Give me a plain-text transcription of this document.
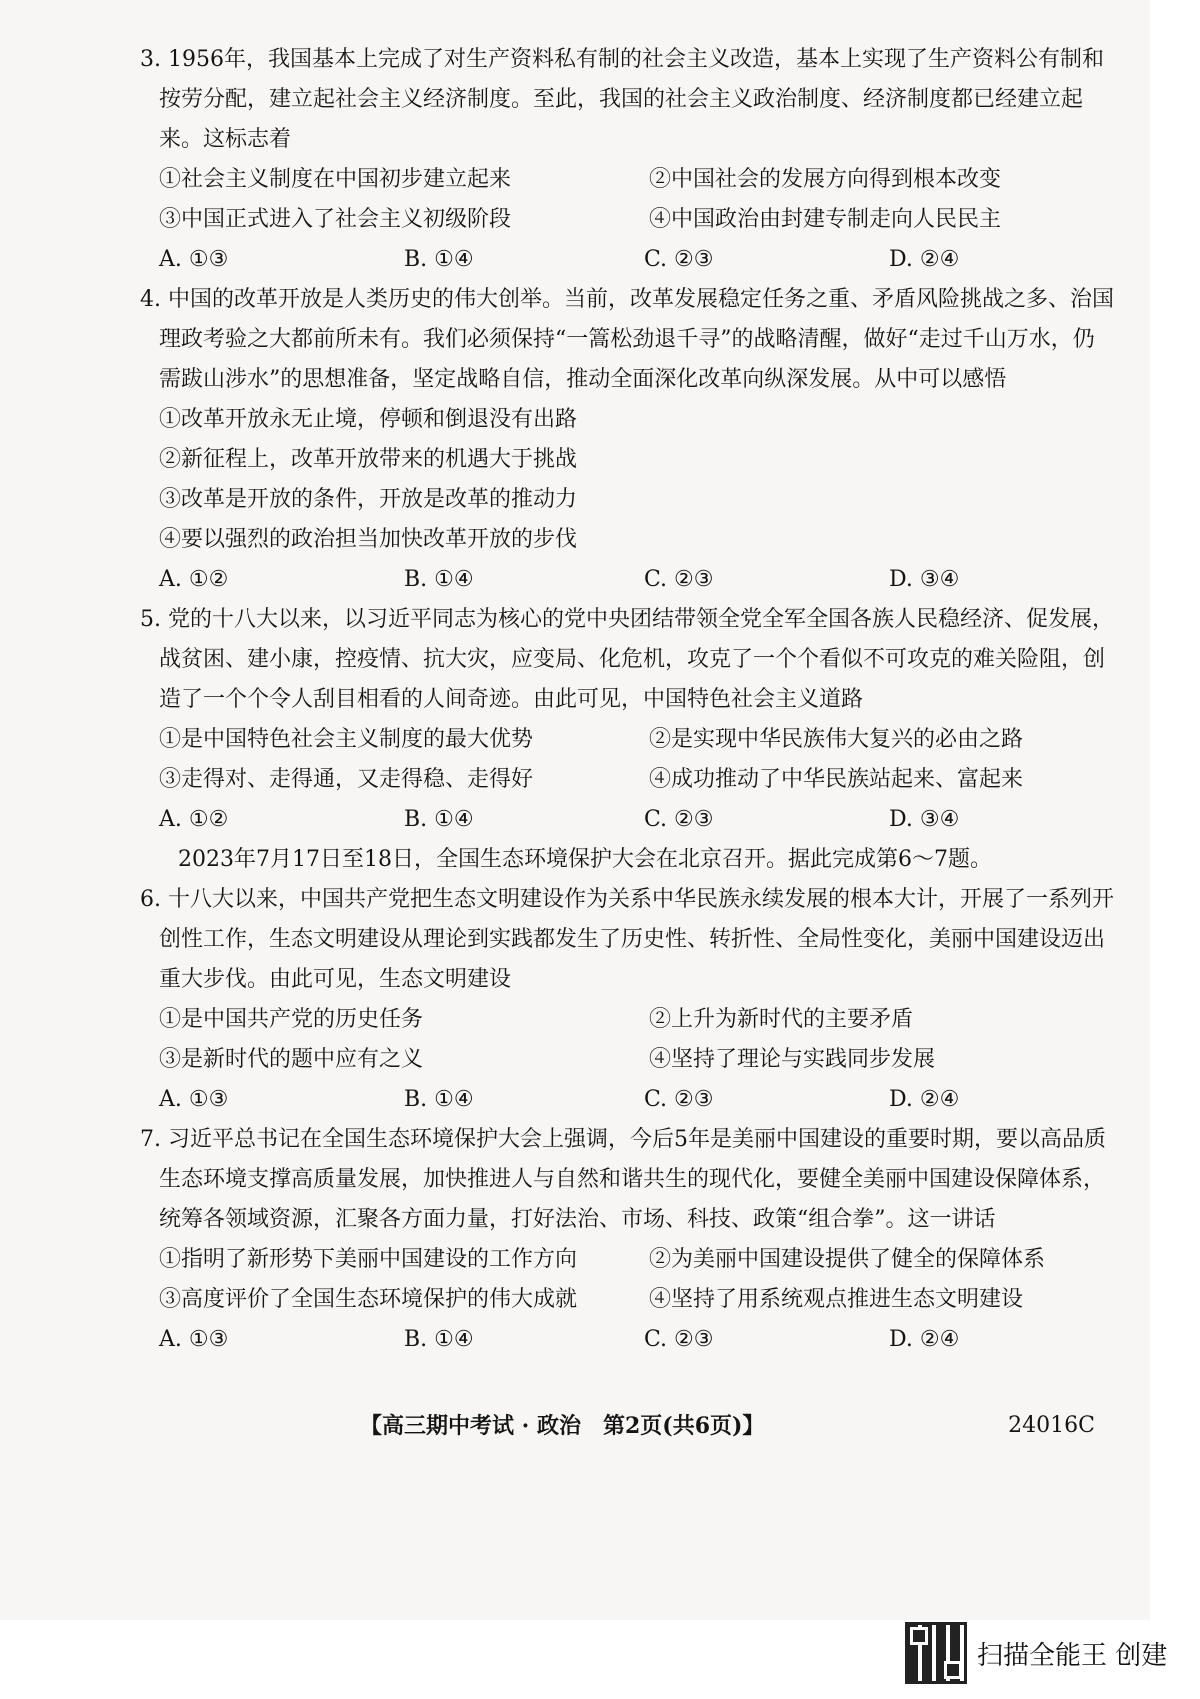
3. 1956年，我国基本上完成了对生产资料私有制的社会主义改造，基本上实现了生产资料公有制和按劳分配，建立起社会主义经济制度。至此，我国的社会主义政治制度、经济制度都已经建立起来。这标志着

①社会主义制度在中国初步建立起来	②中国社会的发展方向得到根本改变
③中国正式进入了社会主义初级阶段	④中国政治由封建专制走向人民民主
A. ①③	B. ①④	C. ②③	D. ②④

4. 中国的改革开放是人类历史的伟大创举。当前，改革发展稳定任务之重、矛盾风险挑战之多、治国理政考验之大都前所未有。我们必须保持“一篙松劲退千寻”的战略清醒，做好“走过千山万水，仍需跋山涉水”的思想准备，坚定战略自信，推动全面深化改革向纵深发展。从中可以感悟

①改革开放永无止境，停顿和倒退没有出路

②新征程上，改革开放带来的机遇大于挑战

③改革是开放的条件，开放是改革的推动力

④要以强烈的政治担当加快改革开放的步伐

A. ①②	B. ①④	C. ②③	D. ③④

5. 党的十八大以来，以习近平同志为核心的党中央团结带领全党全军全国各族人民稳经济、促发展，战贫困、建小康，控疫情、抗大灾，应变局、化危机，攻克了一个个看似不可攻克的难关险阻，创造了一个个令人刮目相看的人间奇迹。由此可见，中国特色社会主义道路

①是中国特色社会主义制度的最大优势	②是实现中华民族伟大复兴的必由之路
③走得对、走得通，又走得稳、走得好	④成功推动了中华民族站起来、富起来
A. ①②	B. ①④	C. ②③	D. ③④

2023年7月17日至18日，全国生态环境保护大会在北京召开。据此完成第6～7题。

6. 十八大以来，中国共产党把生态文明建设作为关系中华民族永续发展的根本大计，开展了一系列开创性工作，生态文明建设从理论到实践都发生了历史性、转折性、全局性变化，美丽中国建设迈出重大步伐。由此可见，生态文明建设

①是中国共产党的历史任务	②上升为新时代的主要矛盾
③是新时代的题中应有之义	④坚持了理论与实践同步发展
A. ①③	B. ①④	C. ②③	D. ②④

7. 习近平总书记在全国生态环境保护大会上强调，今后5年是美丽中国建设的重要时期，要以高品质生态环境支撑高质量发展，加快推进人与自然和谐共生的现代化，要健全美丽中国建设保障体系，统筹各领域资源，汇聚各方面力量，打好法治、市场、科技、政策“组合拳”。这一讲话

①指明了新形势下美丽中国建设的工作方向	②为美丽中国建设提供了健全的保障体系
③高度评价了全国生态环境保护的伟大成就	④坚持了用系统观点推进生态文明建设
A. ①③	B. ①④	C. ②③	D. ②④
【高三期中考试 · 政治　第2页(共6页)】	24016C
扫描全能王 创建
